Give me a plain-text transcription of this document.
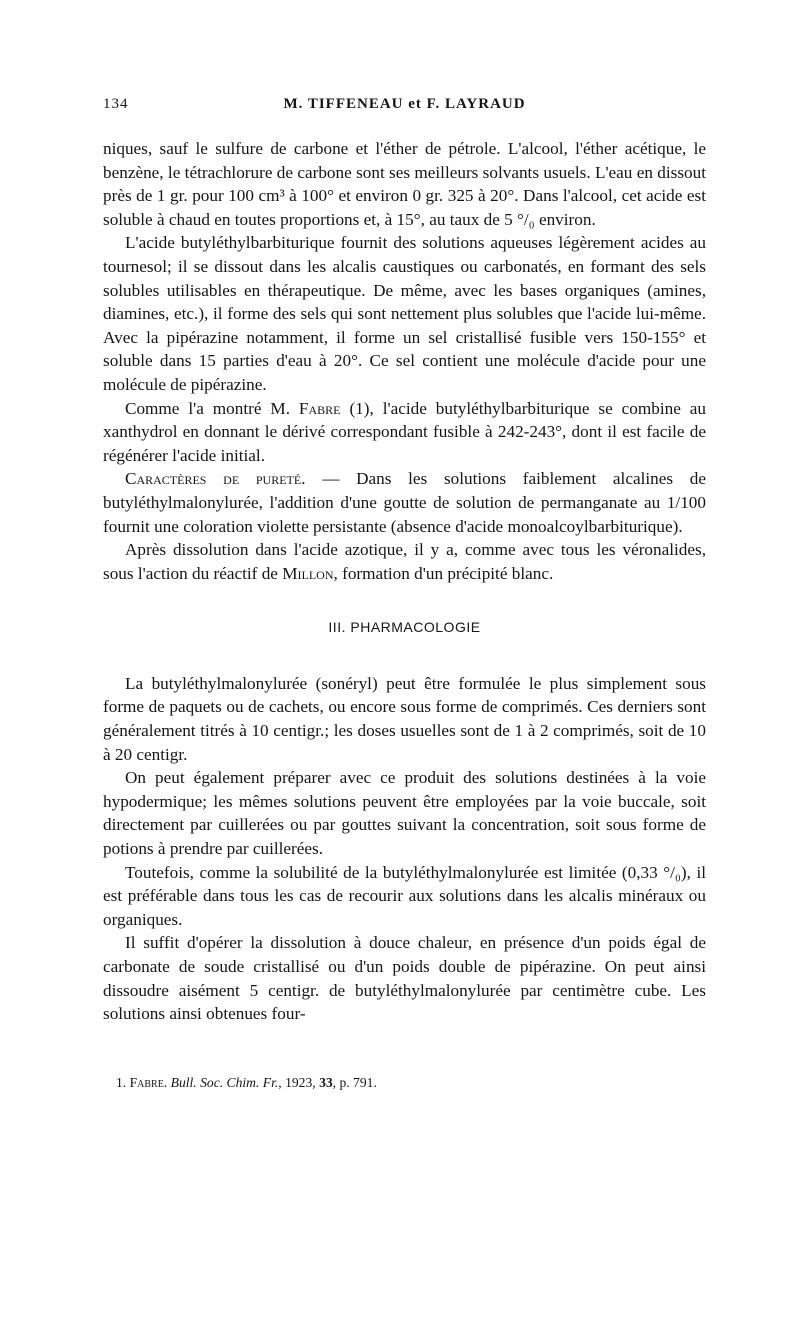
134	M. TIFFENEAU et F. LAYRAUD

niques, sauf le sulfure de carbone et l'éther de pétrole. L'alcool, l'éther acétique, le benzène, le tétrachlorure de carbone sont ses meilleurs solvants usuels. L'eau en dissout près de 1 gr. pour 100 cm³ à 100° et environ 0 gr. 325 à 20°. Dans l'alcool, cet acide est soluble à chaud en toutes proportions et, à 15°, au taux de 5 °/₀ environ.

L'acide butyléthylbarbiturique fournit des solutions aqueuses légèrement acides au tournesol; il se dissout dans les alcalis caustiques ou carbonatés, en formant des sels solubles utilisables en thérapeutique. De même, avec les bases organiques (amines, diamines, etc.), il forme des sels qui sont nettement plus solubles que l'acide lui-même. Avec la pipérazine notamment, il forme un sel cristallisé fusible vers 150-155° et soluble dans 15 parties d'eau à 20°. Ce sel contient une molécule d'acide pour une molécule de pipérazine.

Comme l'a montré M. Fabre (1), l'acide butyléthylbarbiturique se combine au xanthydrol en donnant le dérivé correspondant fusible à 242-243°, dont il est facile de régénérer l'acide initial.

Caractères de pureté. — Dans les solutions faiblement alcalines de butyléthylmalonylurée, l'addition d'une goutte de solution de permanganate au 1/100 fournit une coloration violette persistante (absence d'acide monoalcoylbarbiturique).

Après dissolution dans l'acide azotique, il y a, comme avec tous les véronalides, sous l'action du réactif de Millon, formation d'un précipité blanc.

III. PHARMACOLOGIE

La butyléthylmalonylurée (sonéryl) peut être formulée le plus simplement sous forme de paquets ou de cachets, ou encore sous forme de comprimés. Ces derniers sont généralement titrés à 10 centigr.; les doses usuelles sont de 1 à 2 comprimés, soit de 10 à 20 centigr.

On peut également préparer avec ce produit des solutions destinées à la voie hypodermique; les mêmes solutions peuvent être employées par la voie buccale, soit directement par cuillerées ou par gouttes suivant la concentration, soit sous forme de potions à prendre par cuillerées.

Toutefois, comme la solubilité de la butyléthylmalonylurée est limitée (0,33 °/₀), il est préférable dans tous les cas de recourir aux solutions dans les alcalis minéraux ou organiques.

Il suffit d'opérer la dissolution à douce chaleur, en présence d'un poids égal de carbonate de soude cristallisé ou d'un poids double de pipérazine. On peut ainsi dissoudre aisément 5 centigr. de butyléthylmalonylurée par centimètre cube. Les solutions ainsi obtenues four-

1. Fabre. Bull. Soc. Chim. Fr., 1923, 33, p. 791.
